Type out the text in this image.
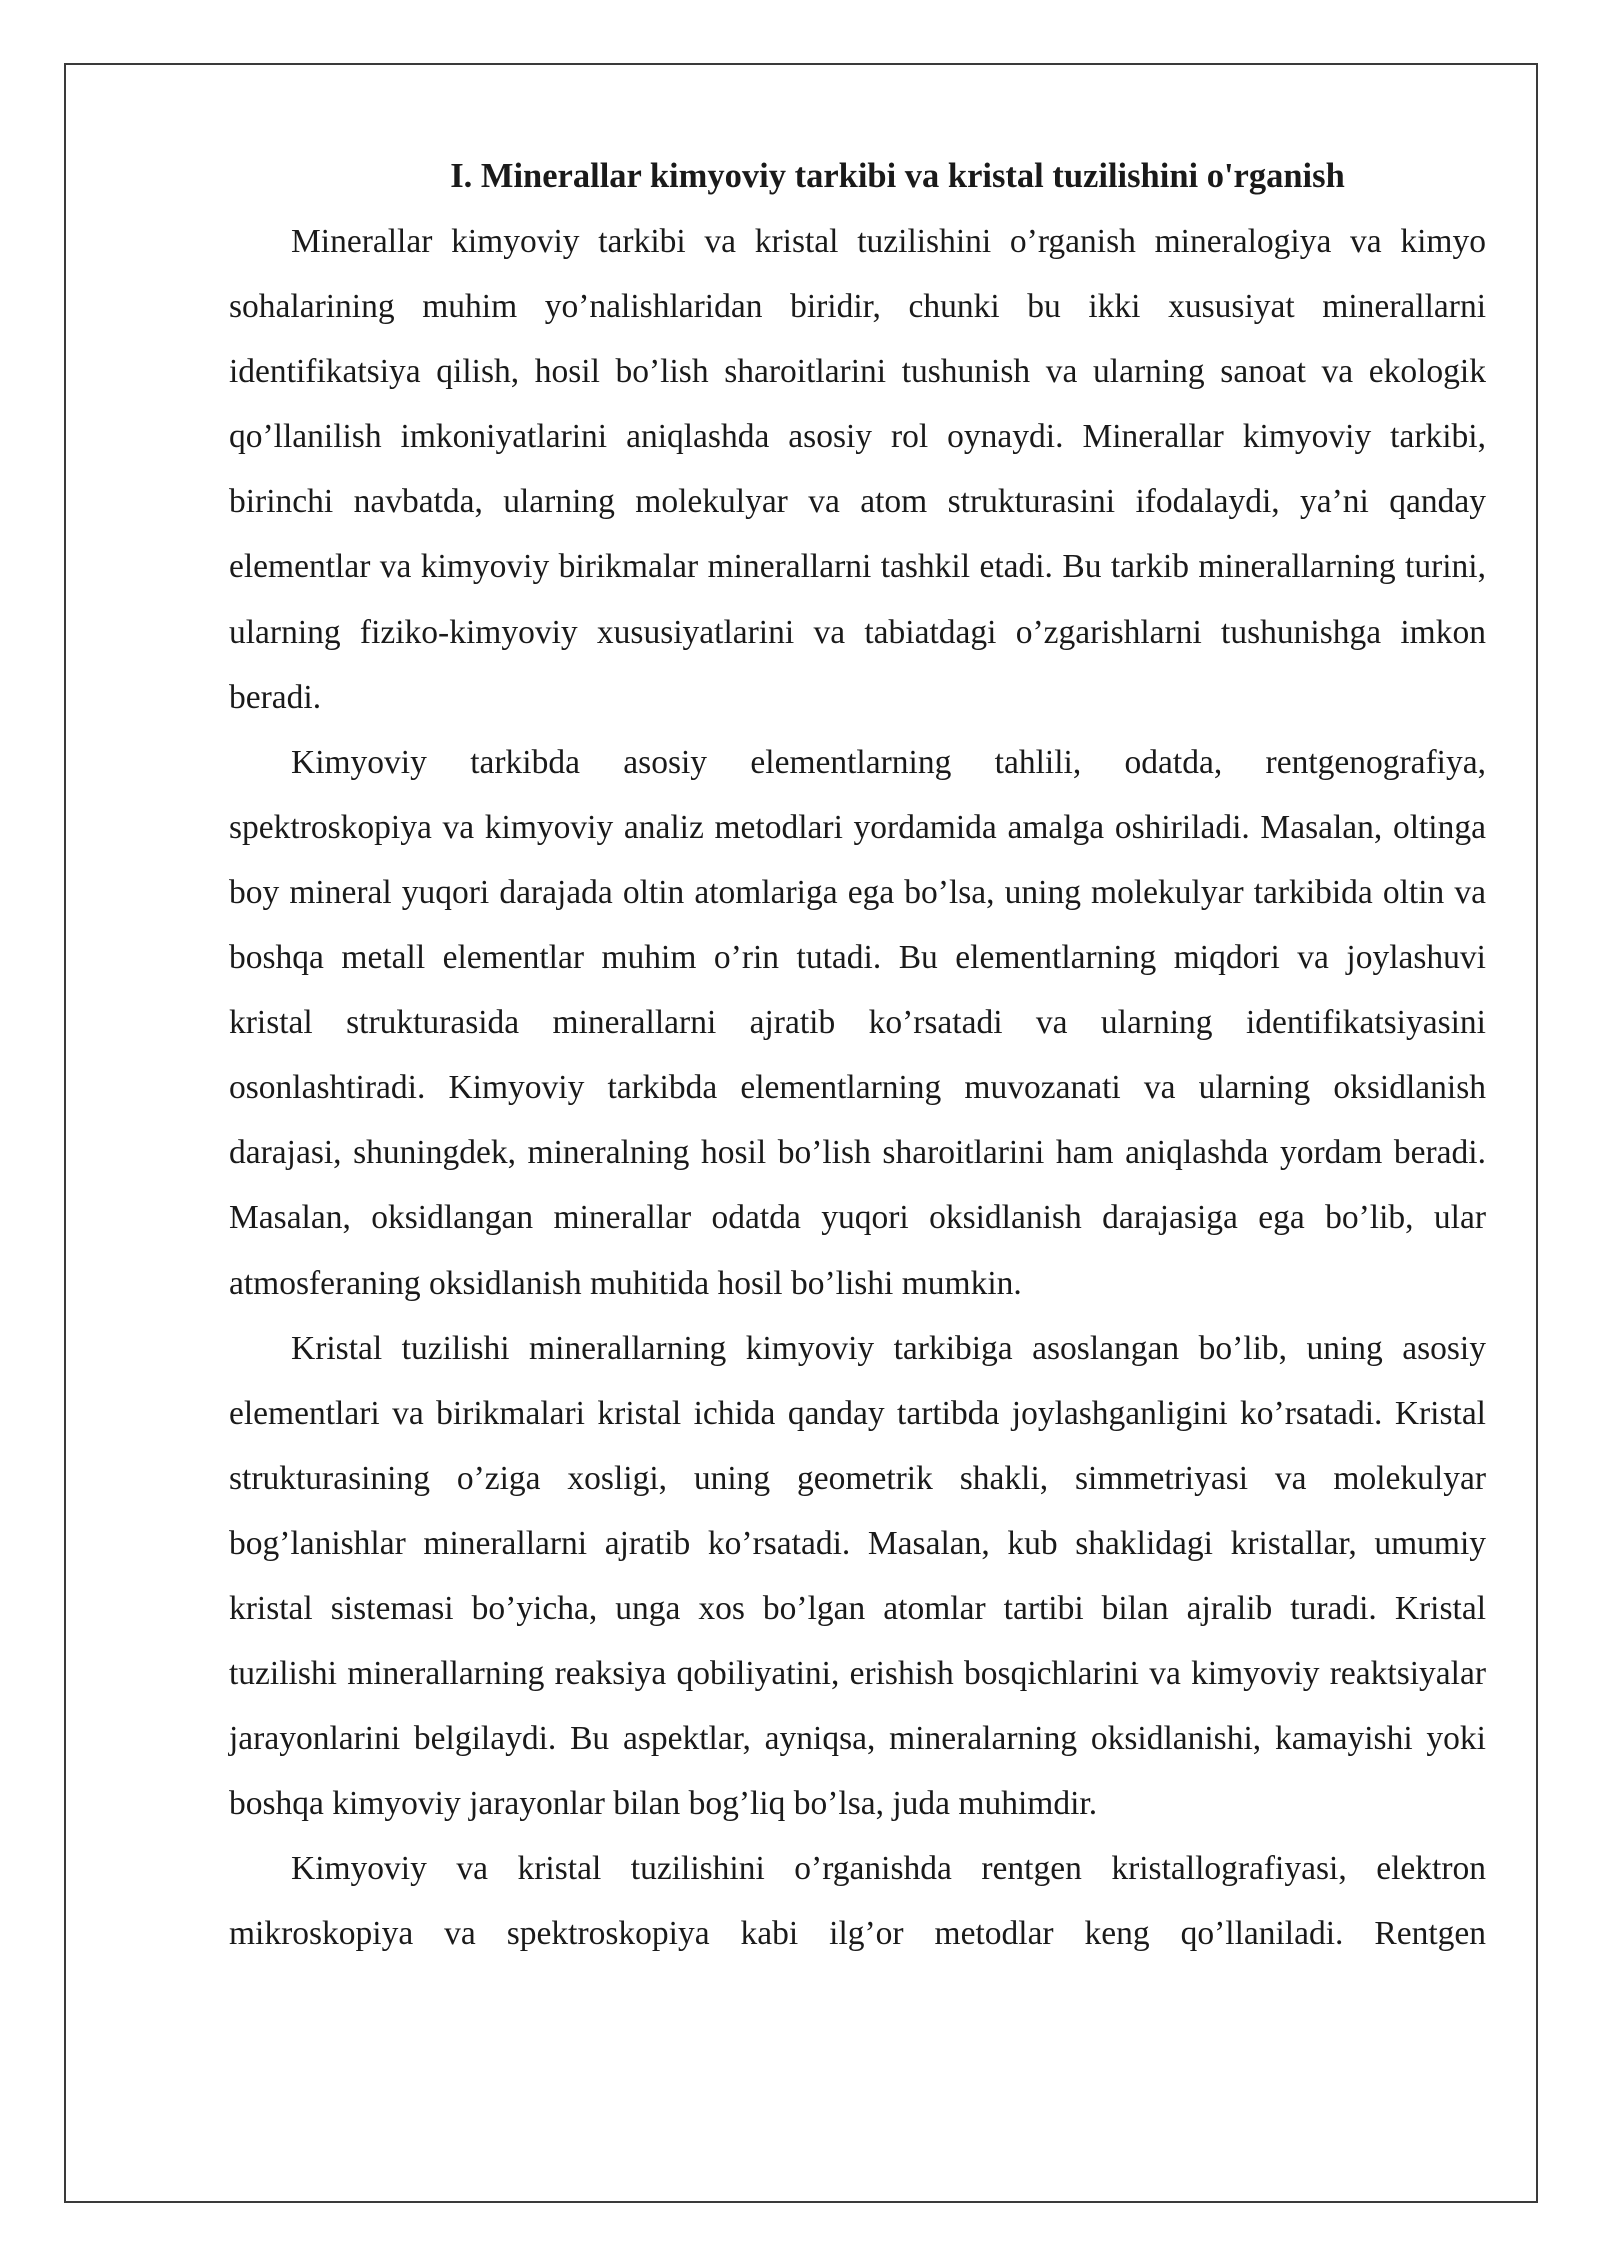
I. Minerallar kimyoviy tarkibi va kristal tuzilishini o'rganish

Minerallar kimyoviy tarkibi va kristal tuzilishini o’rganish mineralogiya va kimyo sohalarining muhim yo’nalishlaridan biridir, chunki bu ikki xususiyat minerallarni identifikatsiya qilish, hosil bo’lish sharoitlarini tushunish va ularning sanoat va ekologik qo’llanilish imkoniyatlarini aniqlashda asosiy rol oynaydi. Minerallar kimyoviy tarkibi, birinchi navbatda, ularning molekulyar va atom strukturasini ifodalaydi, ya’ni qanday elementlar va kimyoviy birikmalar minerallarni tashkil etadi. Bu tarkib minerallarning turini, ularning fiziko-kimyoviy xususiyatlarini va tabiatdagi o’zgarishlarni tushunishga imkon beradi.

Kimyoviy tarkibda asosiy elementlarning tahlili, odatda, rentgenografiya, spektroskopiya va kimyoviy analiz metodlari yordamida amalga oshiriladi. Masalan, oltinga boy mineral yuqori darajada oltin atomlariga ega bo’lsa, uning molekulyar tarkibida oltin va boshqa metall elementlar muhim o’rin tutadi. Bu elementlarning miqdori va joylashuvi kristal strukturasida minerallarni ajratib ko’rsatadi va ularning identifikatsiyasini osonlashtiradi. Kimyoviy tarkibda elementlarning muvozanati va ularning oksidlanish darajasi, shuningdek, mineralning hosil bo’lish sharoitlarini ham aniqlashda yordam beradi. Masalan, oksidlangan minerallar odatda yuqori oksidlanish darajasiga ega bo’lib, ular atmosferaning oksidlanish muhitida hosil bo’lishi mumkin.

Kristal tuzilishi minerallarning kimyoviy tarkibiga asoslangan bo’lib, uning asosiy elementlari va birikmalari kristal ichida qanday tartibda joylashganligini ko’rsatadi. Kristal strukturasining o’ziga xosligi, uning geometrik shakli, simmetriyasi va molekulyar bog’lanishlar minerallarni ajratib ko’rsatadi. Masalan, kub shaklidagi kristallar, umumiy kristal sistemasi bo’yicha, unga xos bo’lgan atomlar tartibi bilan ajralib turadi. Kristal tuzilishi minerallarning reaksiya qobiliyatini, erishish bosqichlarini va kimyoviy reaktsiyalar jarayonlarini belgilaydi. Bu aspektlar, ayniqsa, mineralarning oksidlanishi, kamayishi yoki boshqa kimyoviy jarayonlar bilan bog’liq bo’lsa, juda muhimdir.

Kimyoviy va kristal tuzilishini o’rganishda rentgen kristallografiyasi, elektron mikroskopiya va spektroskopiya kabi ilg’or metodlar keng qo’llaniladi. Rentgen
